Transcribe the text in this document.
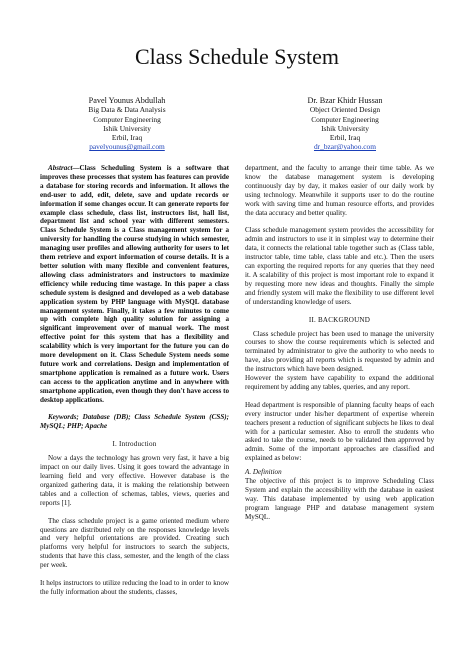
Class Schedule System
Pavel Younus Abdullah
Big Data & Data Analysis
Computer Engineering
Ishik University
Erbil, Iraq
pavelyounus@gmail.com
Dr. Bzar Khidr Hussan
Object Oriented Design
Computer Engineering
Ishik University
Erbil, Iraq
dr_bzar@yahoo.com

Abstract—Class Scheduling System is a software that improves these processes that system has features can provide a database for storing records and information. It allows the end-user to add, edit, delete, save and update records or information if some changes occur. It can generate reports for example class schedule, class list, instructors list, hall list, department list and school year with different semesters. Class Schedule System is a Class management system for a university for handling the course studying in which semester, managing user profiles and allowing authority for users to let them retrieve and export information of course details. It is a better solution with many flexible and convenient features, allowing class administrators and instructors to maximize efficiency while reducing time wastage. In this paper a class schedule system is designed and developed as a web database application system by PHP language with MySQL database management system. Finally, it takes a few minutes to come up with complete high quality solution for assigning a significant improvement over of manual work. The most effective point for this system that has a flexibility and scalability which is very important for the future you can do more development on it. Class Schedule System needs some future work and correlations. Design and implementation of smartphone application is remained as a future work. Users can access to the application anytime and in anywhere with smartphone application, even though they don't have access to desktop applications.

Keywords; Database (DB); Class Schedule System (CSS); MySQL; PHP; Apache

I. Introduction

Now a days the technology has grown very fast, it have a big impact on our daily lives. Using it goes toward the advantage in learning field and very effective. However database is the organized gathering data, it is making the relationship between tables and a collection of schemas, tables, views, queries and reports [1].

The class schedule project is a game oriented medium where questions are distributed rely on the responses knowledge levels and very helpful orientations are provided. Creating such platforms very helpful for instructors to search the subjects, students that have this class, semester, and the length of the class per week.

It helps instructors to utilize reducing the load to in order to know the fully information about the students, classes,

department, and the faculty to arrange their time table. As we know the database management system is developing continuously day by day, it makes easier of our daily work by using technology. Meanwhile it supports user to do the routine work with saving time and human resource efforts, and provides the data accuracy and better quality.

Class schedule management system provides the accessibility for admin and instructors to use it in simplest way to determine their data, it connects the relational table together such as (Class table, instructor table, time table, class table and etc.). Then the users can exporting the required reports for any queries that they need it. A scalability of this project is most important role to expand it by requesting more new ideas and thoughts. Finally the simple and friendly system will make the flexibility to use different level of understanding knowledge of users.

II. BACKGROUND

Class schedule project has been used to manage the university courses to show the course requirements which is selected and terminated by administrator to give the authority to who needs to have, also providing all reports which is requested by admin and the instructors which have been designed.

However the system have capability to expand the additional requirement by adding any tables, queries, and any report.

Head department is responsible of planning faculty heaps of each every instructor under his/her department of expertise wherein teachers present a reduction of significant subjects he likes to deal with for a particular semester. Also to enroll the students who asked to take the course, needs to be validated then approved by admin. Some of the important approaches are classified and explained as below:

A. Definition

The objective of this project is to improve Scheduling Class System and explain the accessibility with the database in easiest way. This database implemented by using web application program language PHP and database management system MySQL.
